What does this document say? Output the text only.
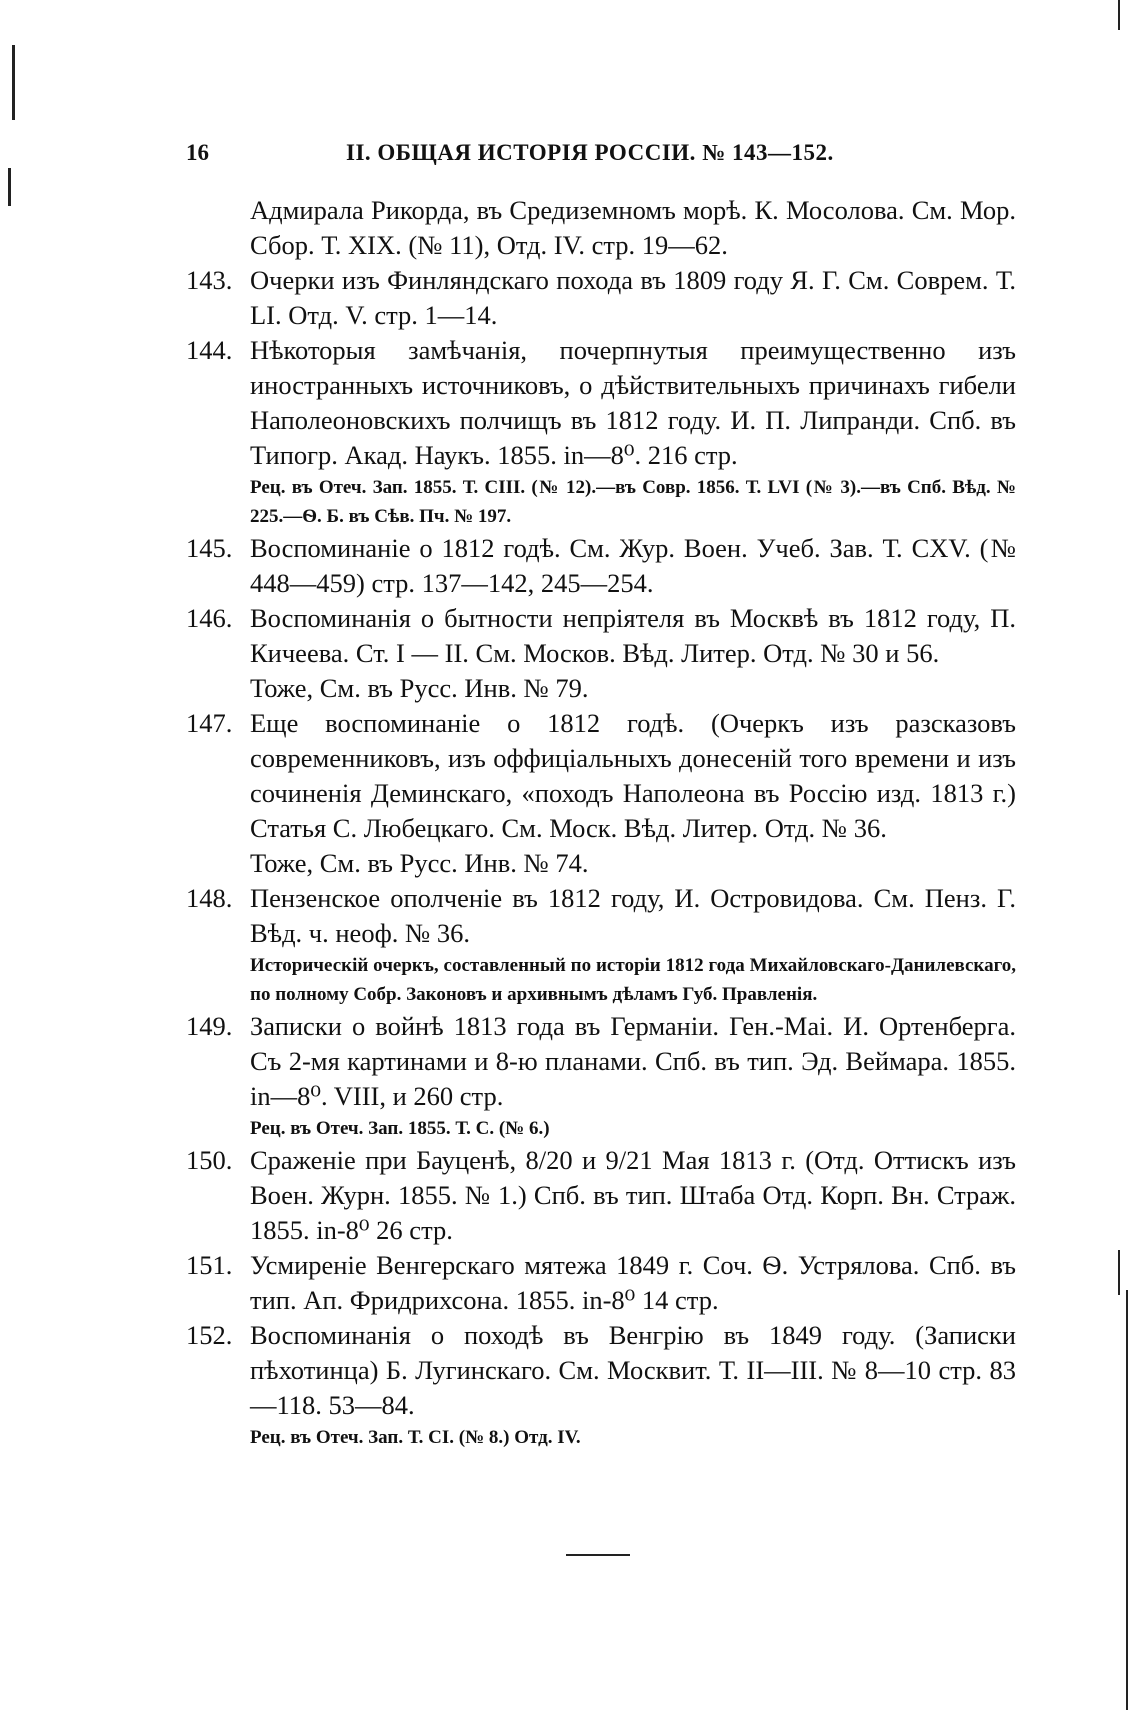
16	II. ОБЩАЯ ИСТОРІЯ РОССІИ. № 143—152.
Адмирала Рикорда, въ Средиземномъ морѣ. К. Мосолова. См. Мор. Сбор. Т. XIX. (№ 11), Отд. IV. стр. 19—62.
143. Очерки изъ Финляндскаго похода въ 1809 году Я. Г. См. Соврем. Т. LI. Отд. V. стр. 1—14.
144. Нѣкоторыя замѣчанія, почерпнутыя преимущественно изъ иностранныхъ источниковъ, о дѣйствительныхъ причинахъ гибели Наполеоновскихъ полчищъ въ 1812 году. И. П. Липранди. Спб. въ Типогр. Акад. Наукъ. 1855. in—8⁰. 216 стр.
Рец. въ Отеч. Зап. 1855. Т. CIII. (№ 12).—въ Совр. 1856. Т. LVI (№ 3).—въ Спб. Вѣд. № 225.—Ѳ. Б. въ Сѣв. Пч. № 197.
145. Воспоминаніе о 1812 годѣ. См. Жур. Воен. Учеб. Зав. Т. CXV. (№ 448—459) стр. 137—142, 245—254.
146. Воспоминанія о бытности непріятеля въ Москвѣ въ 1812 году, П. Кичеева. Ст. I — II. См. Москов. Вѣд. Литер. Отд. № 30 и 56.
Тоже, См. въ Русс. Инв. № 79.
147. Еще воспоминаніе о 1812 годѣ. (Очеркъ изъ разсказовъ современниковъ, изъ оффиціальныхъ донесеній того времени и изъ сочиненія Деминскаго, «походъ Наполеона въ Россію изд. 1813 г.) Статья С. Любецкаго. См. Моск. Вѣд. Литер. Отд. № 36.
Тоже, См. въ Русс. Инв. № 74.
148. Пензенское ополченіе въ 1812 году, И. Островидова. См. Пенз. Г. Вѣд. ч. неоф. № 36.
Историческій очеркъ, составленный по исторіи 1812 года Михайловскаго-Данилевскаго, по полному Собр. Законовъ и архивнымъ дѣламъ Губ. Правленія.
149. Записки о войнѣ 1813 года въ Германіи. Ген.-Маі. И. Ортенберга. Съ 2-мя картинами и 8-ю планами. Спб. въ тип. Эд. Веймара. 1855. in—8⁰. VIII, и 260 стр.
Рец. въ Отеч. Зап. 1855. Т. С. (№ 6.)
150. Сраженіе при Бауценѣ, 8/20 и 9/21 Мая 1813 г. (Отд. Оттискъ изъ Воен. Журн. 1855. № 1.) Спб. въ тип. Штаба Отд. Корп. Вн. Страж. 1855. in-8⁰ 26 стр.
151. Усмиреніе Венгерскаго мятежа 1849 г. Соч. Ѳ. Устрялова. Спб. въ тип. Ап. Фридрихсона. 1855. in-8⁰ 14 стр.
152. Воспоминанія о походѣ въ Венгрію въ 1849 году. (Записки пѣхотинца) Б. Лугинскаго. См. Москвит. Т. II—III. № 8—10 стр. 83—118. 53—84.
Рец. въ Отеч. Зап. Т. CI. (№ 8.) Отд. IV.
